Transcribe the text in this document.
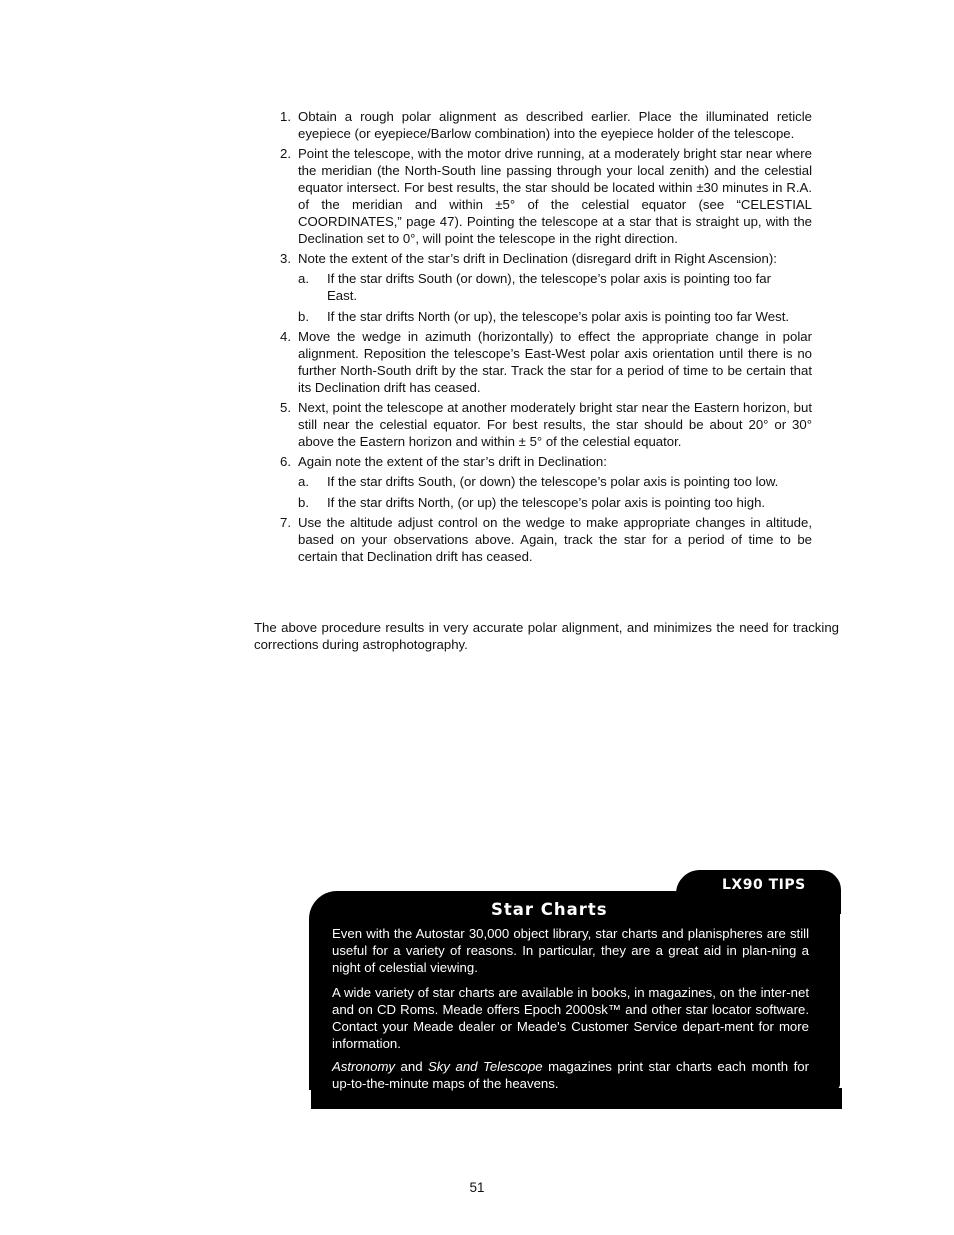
1. Obtain a rough polar alignment as described earlier. Place the illuminated reticle eyepiece (or eyepiece/Barlow combination) into the eyepiece holder of the telescope.
2. Point the telescope, with the motor drive running, at a moderately bright star near where the meridian (the North-South line passing through your local zenith) and the celestial equator intersect. For best results, the star should be located within ±30 minutes in R.A. of the meridian and within ±5° of the celestial equator (see “CELESTIAL COORDINATES,” page 47). Pointing the telescope at a star that is straight up, with the Declination set to 0°, will point the telescope in the right direction.
3. Note the extent of the star’s drift in Declination (disregard drift in Right Ascension):
a. If the star drifts South (or down), the telescope’s polar axis is pointing too far East.
b. If the star drifts North (or up), the telescope’s polar axis is pointing too far West.
4. Move the wedge in azimuth (horizontally) to effect the appropriate change in polar alignment. Reposition the telescope’s East-West polar axis orientation until there is no further North-South drift by the star. Track the star for a period of time to be certain that its Declination drift has ceased.
5. Next, point the telescope at another moderately bright star near the Eastern horizon, but still near the celestial equator. For best results, the star should be about 20° or 30° above the Eastern horizon and within ± 5° of the celestial equator.
6. Again note the extent of the star’s drift in Declination:
a. If the star drifts South, (or down) the telescope’s polar axis is pointing too low.
b. If the star drifts North, (or up) the telescope’s polar axis is pointing too high.
7. Use the altitude adjust control on the wedge to make appropriate changes in altitude, based on your observations above. Again, track the star for a period of time to be certain that Declination drift has ceased.
The above procedure results in very accurate polar alignment, and minimizes the need for tracking corrections during astrophotography.
LX90 TIPS
Star Charts

Even with the Autostar 30,000 object library, star charts and planispheres are still useful for a variety of reasons. In particular, they are a great aid in plan-ning a night of celestial viewing.

A wide variety of star charts are available in books, in magazines, on the inter-net and on CD Roms. Meade offers Epoch 2000sk™ and other star locator software. Contact your Meade dealer or Meade's Customer Service depart-ment for more information.

Astronomy and Sky and Telescope magazines print star charts each month for up-to-the-minute maps of the heavens.

51
